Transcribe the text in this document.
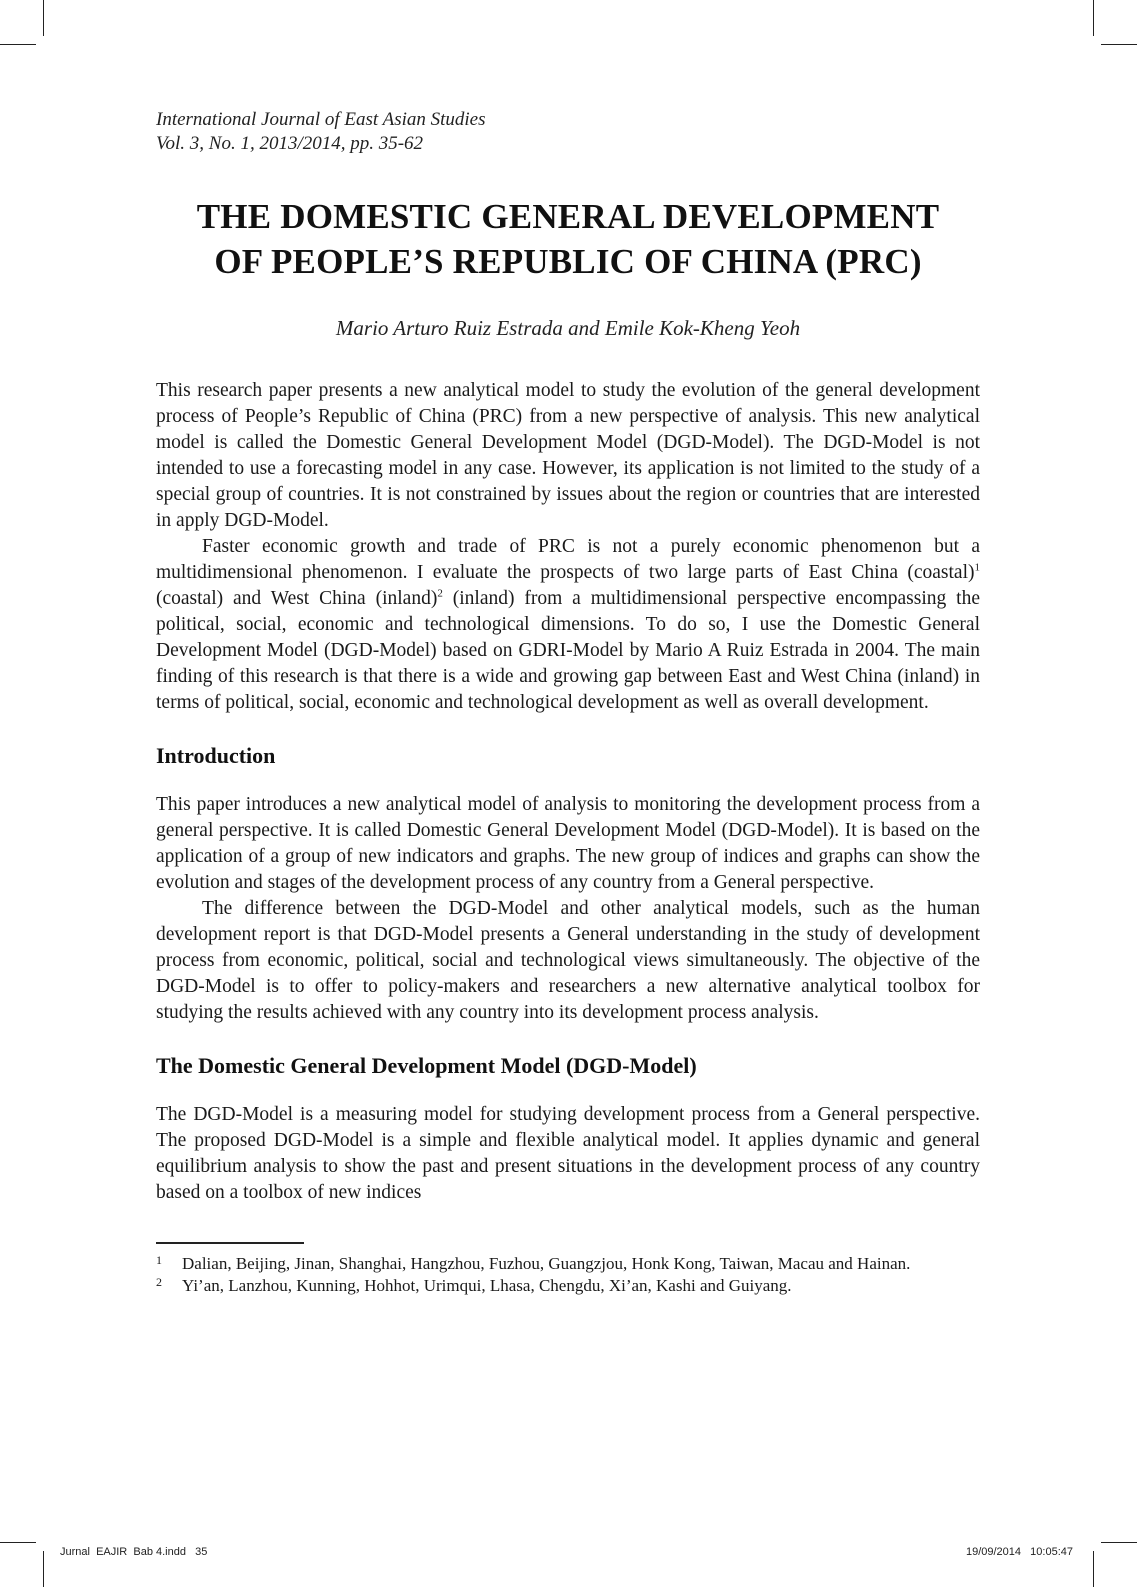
International Journal of East Asian Studies
Vol. 3, No. 1, 2013/2014, pp. 35-62
THE DOMESTIC GENERAL DEVELOPMENT
OF PEOPLE’S REPUBLIC OF CHINA (PRC)
Mario Arturo Ruiz Estrada and Emile Kok-Kheng Yeoh

This research paper presents a new analytical model to study the evolution of the general development process of People’s Republic of China (PRC) from a new perspective of analysis. This new analytical model is called the Domestic General Development Model (DGD-Model). The DGD-Model is not intended to use a forecasting model in any case. However, its application is not limited to the study of a special group of countries. It is not constrained by issues about the region or countries that are interested in apply DGD-Model.

Faster economic growth and trade of PRC is not a purely economic phenomenon but a multidimensional phenomenon. I evaluate the prospects of two large parts of East China (coastal)$^1$ (coastal) and West China (inland)$^2$ (inland) from a multidimensional perspective encompassing the political, social, economic and technological dimensions. To do so, I use the Domestic General Development Model (DGD-Model) based on GDRI-Model by Mario A Ruiz Estrada in 2004. The main finding of this research is that there is a wide and growing gap between East and West China (inland) in terms of political, social, economic and technological development as well as overall development.

Introduction

This paper introduces a new analytical model of analysis to monitoring the development process from a general perspective. It is called Domestic General Development Model (DGD-Model). It is based on the application of a group of new indicators and graphs. The new group of indices and graphs can show the evolution and stages of the development process of any country from a General perspective.

The difference between the DGD-Model and other analytical models, such as the human development report is that DGD-Model presents a General understanding in the study of development process from economic, political, social and technological views simultaneously. The objective of the DGD-Model is to offer to policy-makers and researchers a new alternative analytical toolbox for studying the results achieved with any country into its development process analysis.

The Domestic General Development Model (DGD-Model)

The DGD-Model is a measuring model for studying development process from a General perspective. The proposed DGD-Model is a simple and flexible analytical model. It applies dynamic and general equilibrium analysis to show the past and present situations in the development process of any country based on a toolbox of new indices

1 Dalian, Beijing, Jinan, Shanghai, Hangzhou, Fuzhou, Guangzjou, Honk Kong, Taiwan, Macau and Hainan.
2 Yi’an, Lanzhou, Kunning, Hohhot, Urimqui, Lhasa, Chengdu, Xi’an, Kashi and Guiyang.
Jurnal  EAJIR  Bab 4.indd   35	19/09/2014   10:05:47
